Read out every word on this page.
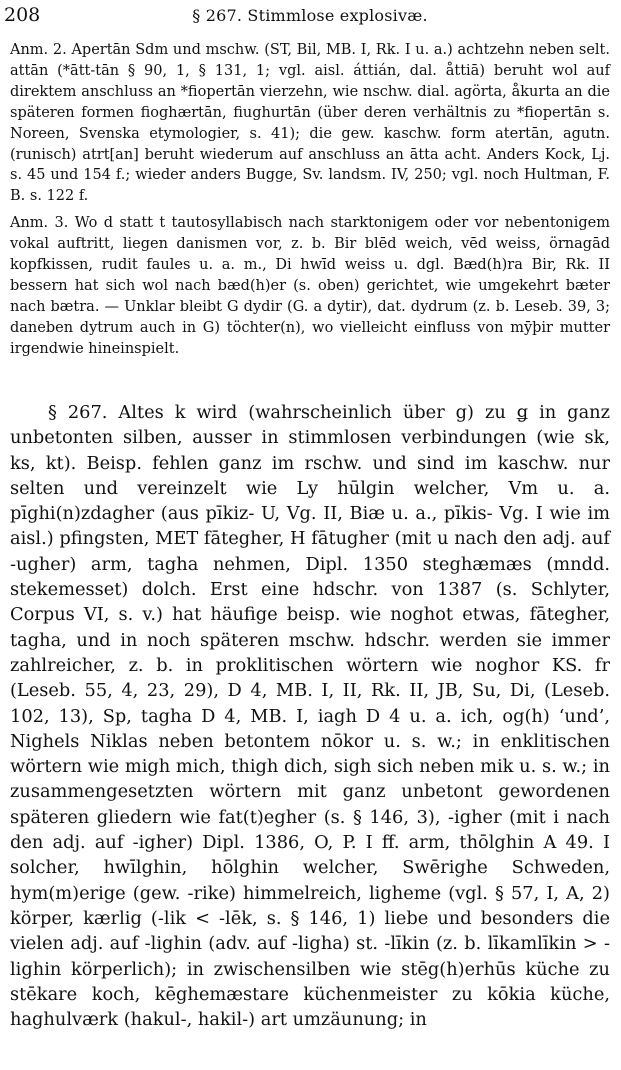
208	§ 267. Stimmlose explosivæ.

Anm. 2. Apertān Sdm und mschw. (ST, Bil, MB. I, Rk. I u. a.) achtzehn neben selt. attān (*ātt-tān § 90, 1, § 131, 1; vgl. aisl. áttián, dal. åttiā) beruht wol auf direktem anschluss an *fiopertān vierzehn, wie nschw. dial. agörta, åkurta an die späteren formen fioghærtān, fiughurtān (über deren verhältnis zu *fiopertān s. Noreen, Svenska etymologier, s. 41); die gew. kaschw. form atertān, agutn. (runisch) atrt[an] beruht wiederum auf anschluss an ātta acht. Anders Kock, Lj. s. 45 und 154 f.; wieder anders Bugge, Sv. landsm. IV, 250; vgl. noch Hultman, F. B. s. 122 f.

Anm. 3. Wo d statt t tautosyllabisch nach starktonigem oder vor nebentonigem vokal auftritt, liegen danismen vor, z. b. Bir blēd weich, vēd weiss, örnagād kopfkissen, rudit faules u. a. m., Di hwīd weiss u. dgl. Bæd(h)ra Bir, Rk. II bessern hat sich wol nach bæd(h)er (s. oben) gerichtet, wie umgekehrt bæter nach bætra. — Unklar bleibt G dydir (G. a dytir), dat. dydrum (z. b. Leseb. 39, 3; daneben dytrum auch in G) töchter(n), wo vielleicht einfluss von mȳþir mutter irgendwie hineinspielt.

§ 267. Altes k wird (wahrscheinlich über g) zu ǥ in ganz unbetonten silben, ausser in stimmlosen verbindungen (wie sk, ks, kt). Beisp. fehlen ganz im rschw. und sind im kaschw. nur selten und vereinzelt wie Ly hūlgin welcher, Vm u. a. pīghi(n)zdagher (aus pīkiz- U, Vg. II, Biæ u. a., pīkis- Vg. I wie im aisl.) pfingsten, MET fātegher, H fātugher (mit u nach den adj. auf -ugher) arm, tagha nehmen, Dipl. 1350 steghæmæs (mndd. stekemesset) dolch. Erst eine hdschr. von 1387 (s. Schlyter, Corpus VI, s. v.) hat häufige beisp. wie noghot etwas, fātegher, tagha, und in noch späteren mschw. hdschr. werden sie immer zahlreicher, z. b. in proklitischen wörtern wie noghor KS. fr (Leseb. 55, 4, 23, 29), D 4, MB. I, II, Rk. II, JB, Su, Di, (Leseb. 102, 13), Sp, tagha D 4, MB. I, iagh D 4 u. a. ich, og(h) ‘und’, Nighels Niklas neben betontem nōkor u. s. w.; in enklitischen wörtern wie migh mich, thigh dich, sigh sich neben mik u. s. w.; in zusammengesetzten wörtern mit ganz unbetont gewordenen späteren gliedern wie fat(t)egher (s. § 146, 3), -igher (mit i nach den adj. auf -igher) Dipl. 1386, O, P. I ff. arm, thōlghin A 49. I solcher, hwīlghin, hōlghin welcher, Swērighe Schweden, hym(m)erige (gew. -rike) himmelreich, ligheme (vgl. § 57, I, A, 2) körper, kærlig (-lik < -lēk, s. § 146, 1) liebe und besonders die vielen adj. auf -lighin (adv. auf -ligha) st. -līkin (z. b. līkamlīkin > -lighin körperlich); in zwischensilben wie stēg(h)erhūs küche zu stēkare koch, kēghemæstare küchenmeister zu kōkia küche, haghulværk (hakul-, hakil-) art umzäunung; in
